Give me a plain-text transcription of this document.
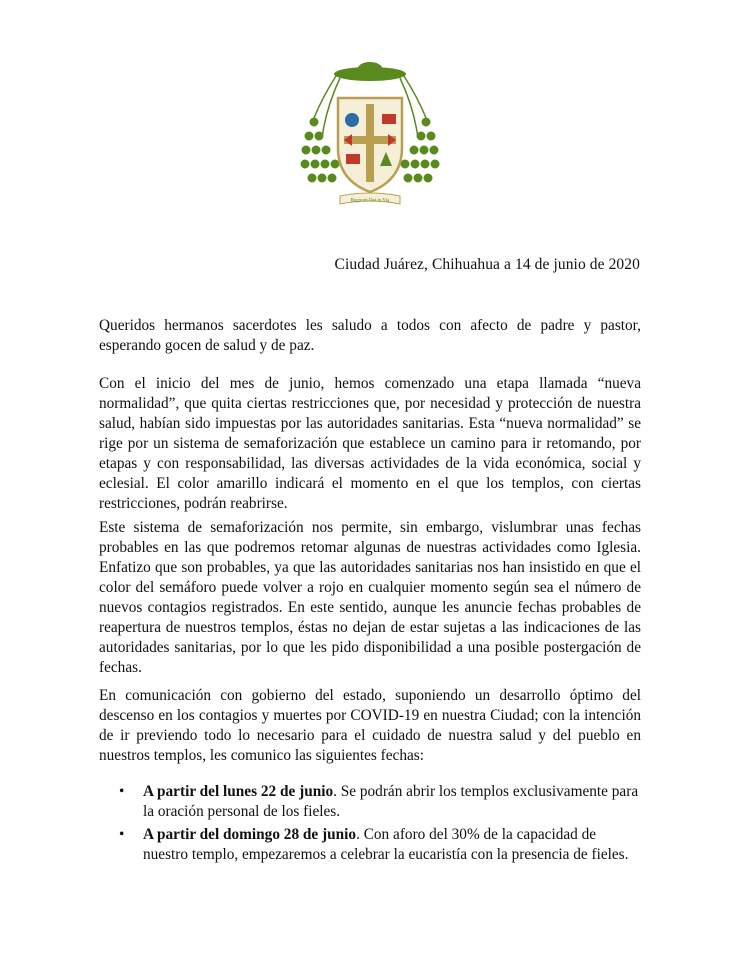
Regnum Dei in Via
Ciudad Juárez, Chihuahua a 14 de junio de 2020

Queridos hermanos sacerdotes les saludo a todos con afecto de padre y pastor, esperando gocen de salud y de paz.

Con el inicio del mes de junio, hemos comenzado una etapa llamada “nueva normalidad”, que quita ciertas restricciones que, por necesidad y protección de nuestra salud, habían sido impuestas por las autoridades sanitarias. Esta “nueva normalidad” se rige por un sistema de semaforización que establece un camino para ir retomando, por etapas y con responsabilidad, las diversas actividades de la vida económica, social y eclesial. El color amarillo indicará el momento en el que los templos, con ciertas restricciones, podrán reabrirse.

Este sistema de semaforización nos permite, sin embargo, vislumbrar unas fechas probables en las que podremos retomar algunas de nuestras actividades como Iglesia. Enfatizo que son probables, ya que las autoridades sanitarias nos han insistido en que el color del semáforo puede volver a rojo en cualquier momento según sea el número de nuevos contagios registrados. En este sentido, aunque les anuncie fechas probables de reapertura de nuestros templos, éstas no dejan de estar sujetas a las indicaciones de las autoridades sanitarias, por lo que les pido disponibilidad a una posible postergación de fechas.

En comunicación con gobierno del estado, suponiendo un desarrollo óptimo del descenso en los contagios y muertes por COVID-19 en nuestra Ciudad; con la intención de ir previendo todo lo necesario para el cuidado de nuestra salud y del pueblo en nuestros templos, les comunico las siguientes fechas:

• A partir del lunes 22 de junio. Se podrán abrir los templos exclusivamente para la oración personal de los fieles.
• A partir del domingo 28 de junio. Con aforo del 30% de la capacidad de nuestro templo, empezaremos a celebrar la eucaristía con la presencia de fieles.
